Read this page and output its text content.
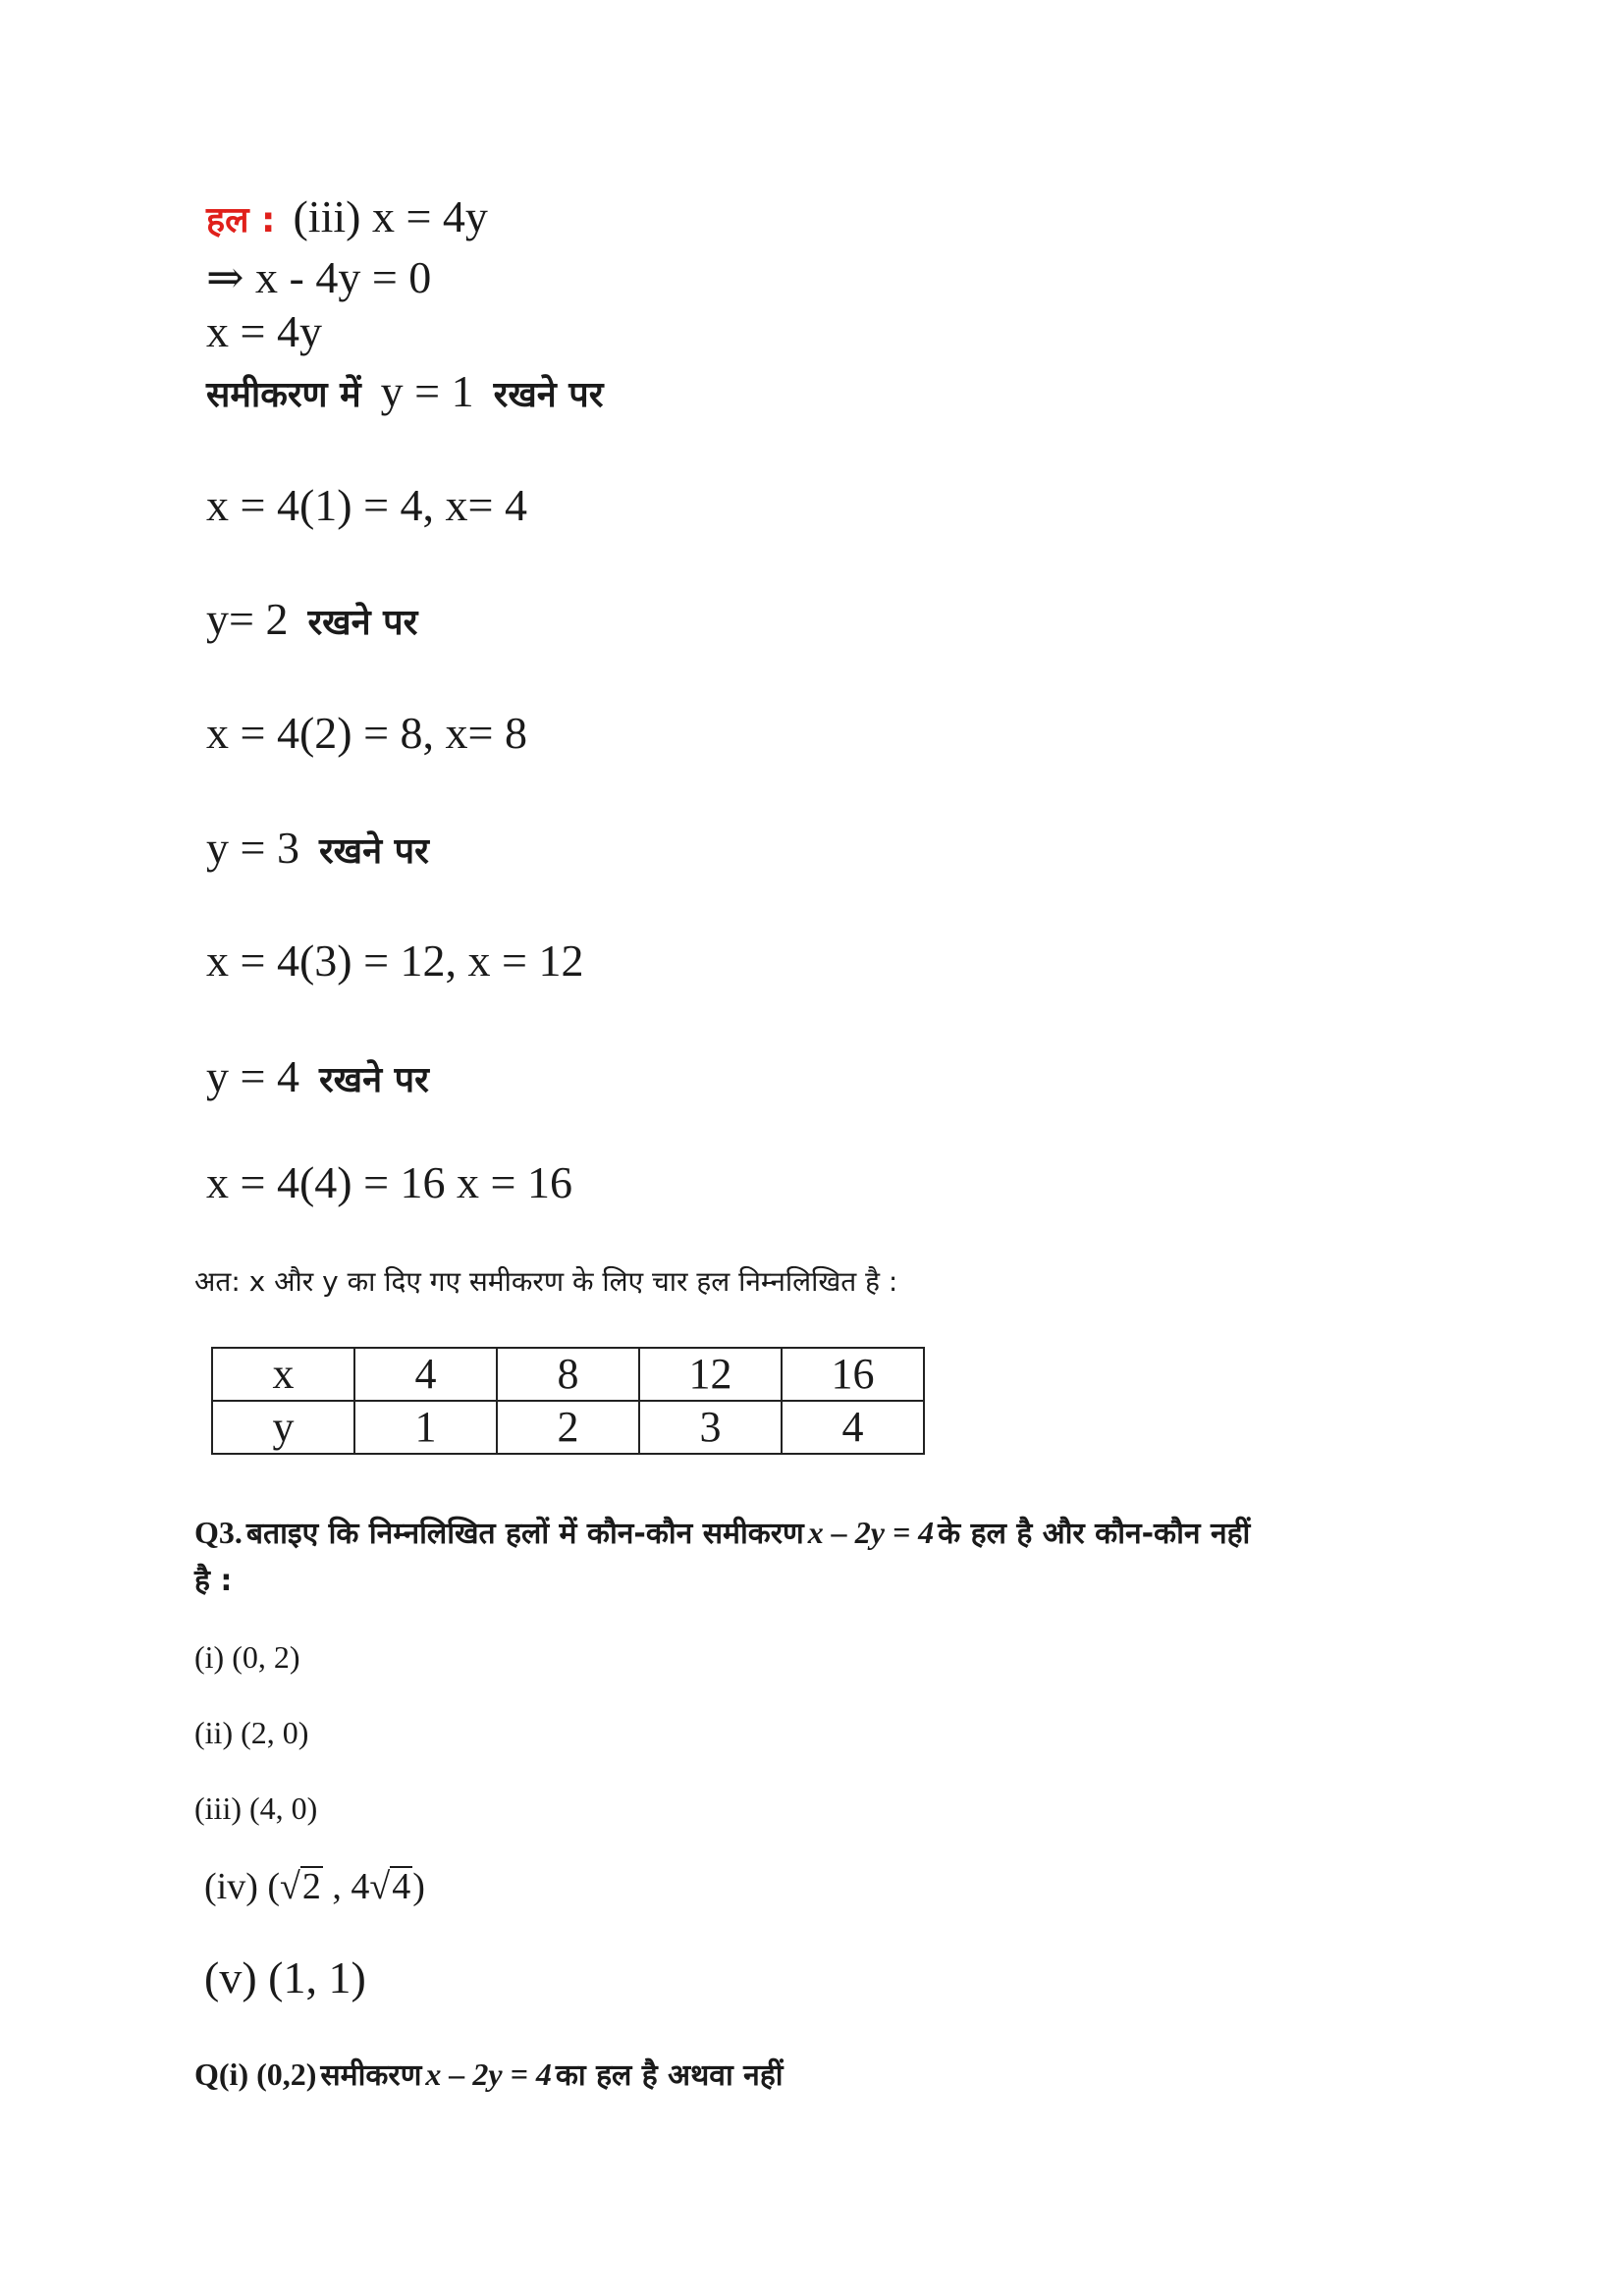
हल : (iii) x = 4y
⇒ x - 4y = 0
x = 4y
समीकरण में y = 1 रखने पर
x = 4(1) = 4, x= 4
y= 2 रखने पर
x = 4(2) = 8, x= 8
y = 3 रखने पर
x = 4(3) = 12, x = 12
y = 4 रखने पर
x = 4(4) = 16 x = 16
अत: x और y का दिए गए समीकरण के लिए चार हल निम्नलिखित है :
x	4	8	12	16
y	1	2	3	4
Q3. बताइए कि निम्नलिखित हलों में कौन-कौन समीकरण x – 2y = 4 के हल है और कौन-कौन नहीं
है :
(i) (0, 2)
(ii) (2, 0)
(iii) (4, 0)
(iv) (√2 , 4√4)
(v) (1, 1)
Q(i) (0,2) समीकरण x – 2y = 4 का हल है अथवा नहीं
